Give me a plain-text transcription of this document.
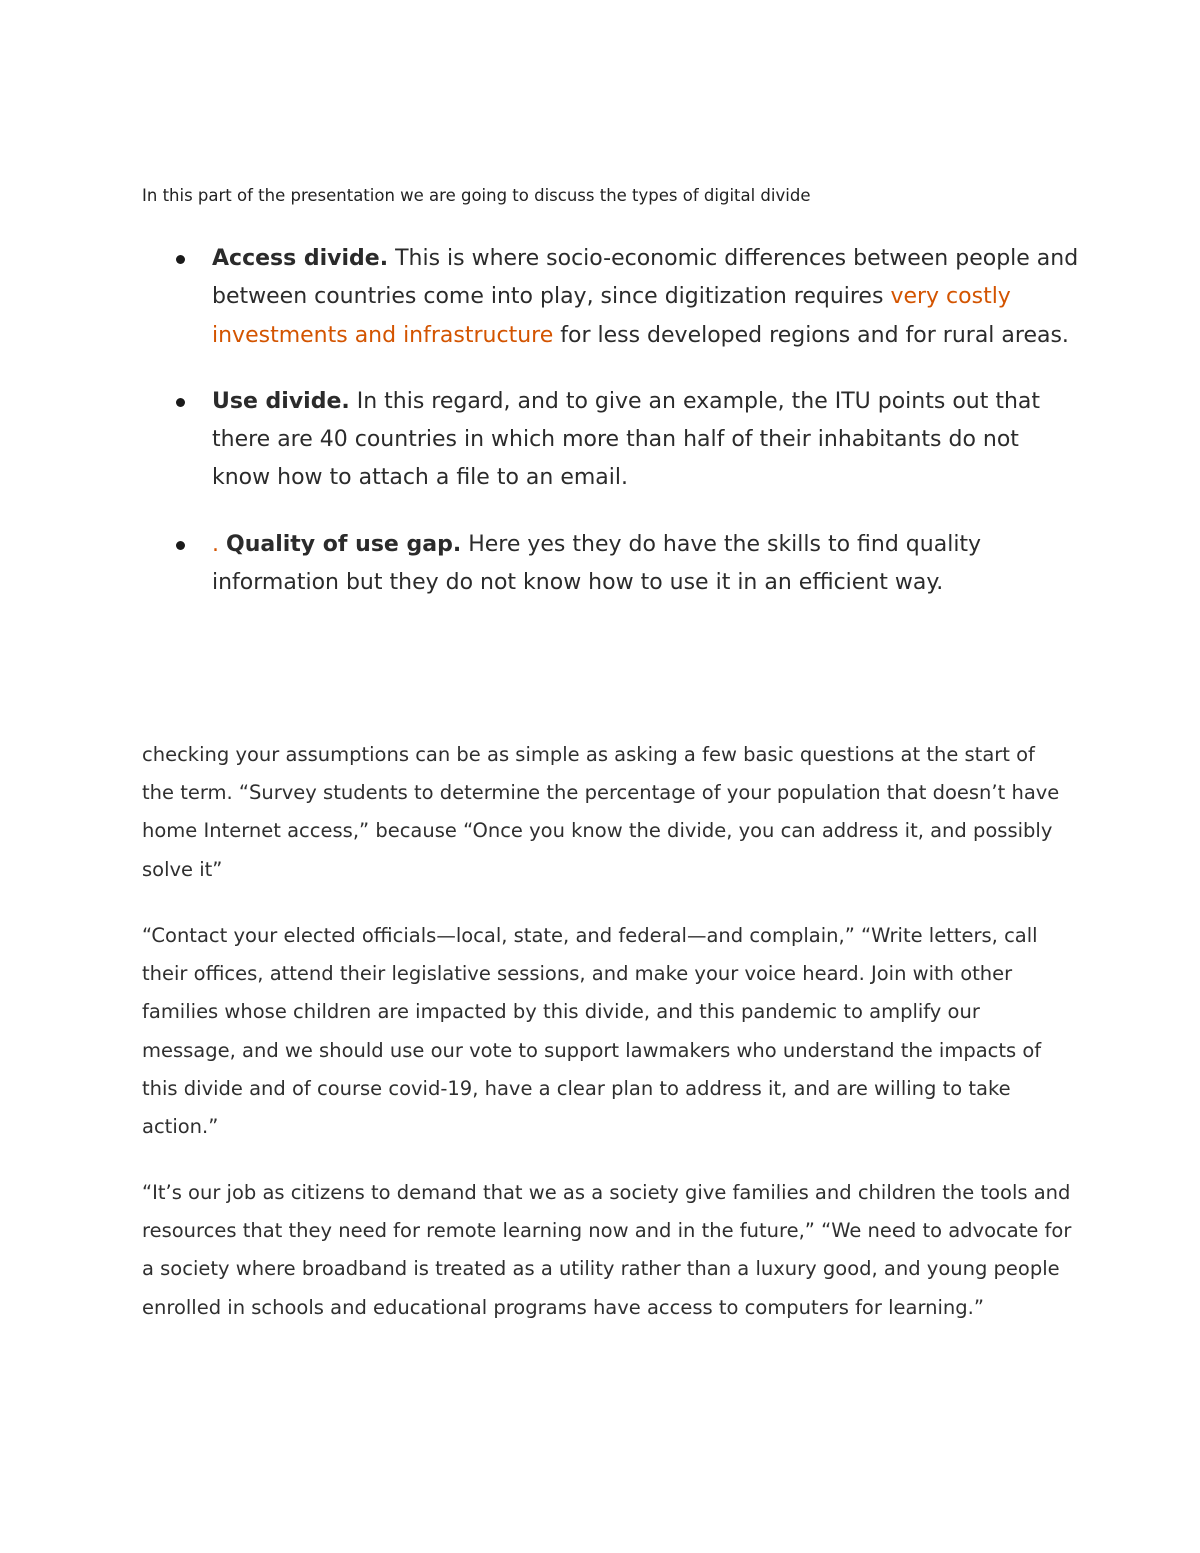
In this part of the presentation we are going to discuss the types of digital divide

Access divide. This is where socio-economic differences between people and between countries come into play, since digitization requires very costly investments and infrastructure for less developed regions and for rural areas.
Use divide. In this regard, and to give an example, the ITU points out that there are 40 countries in which more than half of their inhabitants do not know how to attach a file to an email.
. Quality of use gap. Here yes they do have the skills to find quality information but they do not know how to use it in an efficient way.

checking your assumptions can be as simple as asking a few basic questions at the start of the term. “Survey students to determine the percentage of your population that doesn’t have home Internet access,” because “Once you know the divide, you can address it, and possibly solve it”

“Contact your elected officials—local, state, and federal—and complain,” “Write letters, call their offices, attend their legislative sessions, and make your voice heard. Join with other families whose children are impacted by this divide, and this pandemic to amplify our message, and we should use our vote to support lawmakers who understand the impacts of this divide and of course covid-19, have a clear plan to address it, and are willing to take action.”

“It’s our job as citizens to demand that we as a society give families and children the tools and resources that they need for remote learning now and in the future,” “We need to advocate for a society where broadband is treated as a utility rather than a luxury good, and young people enrolled in schools and educational programs have access to computers for learning.”
